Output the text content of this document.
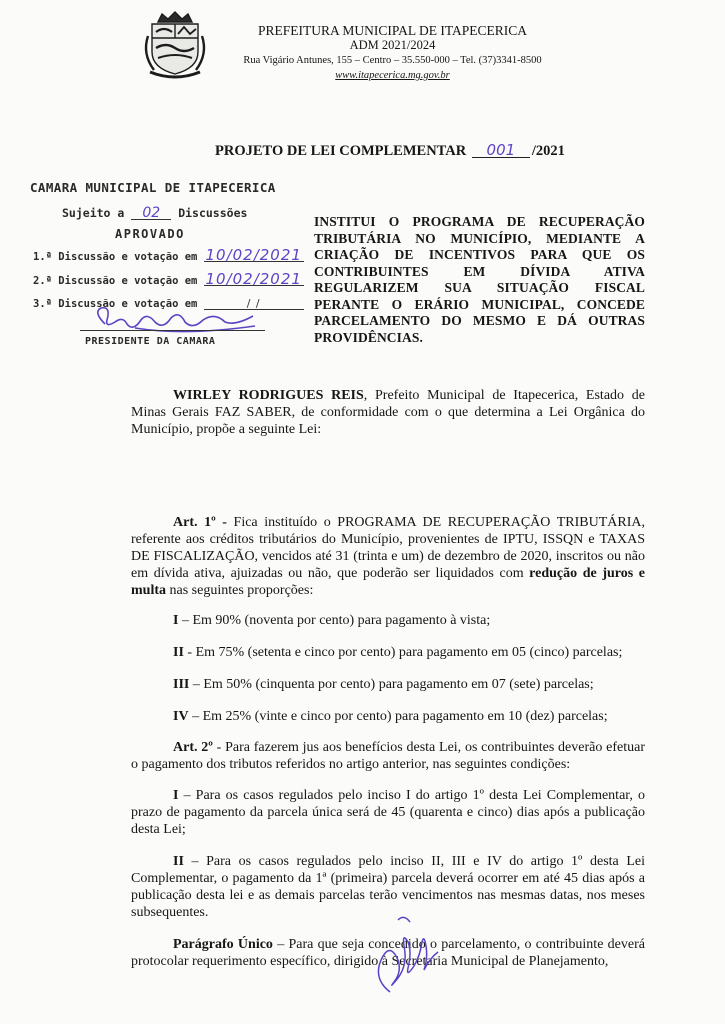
PREFEITURA MUNICIPAL DE ITAPECERICA
ADM 2021/2024
Rua Vigário Antunes, 155 – Centro – 35.550-000 – Tel. (37)3341-8500
www.itapecerica.mg.gov.br
PROJETO DE LEI COMPLEMENTAR 001 /2021
CAMARA MUNICIPAL DE ITAPECERICA
Sujeito a 02 Discussões
APROVADO
1.ª Discussão e votação em 10/02/2021
2.ª Discussão e votação em 10/02/2021
3.ª Discussão e votação em	/ /
PRESIDENTE DA CAMARA
INSTITUI O PROGRAMA DE RECUPERAÇÃO TRIBUTÁRIA NO MUNICÍPIO, MEDIANTE A CRIAÇÃO DE INCENTIVOS PARA QUE OS CONTRIBUINTES EM DÍVIDA ATIVA REGULARIZEM SUA SITUAÇÃO FISCAL PERANTE O ERÁRIO MUNICIPAL, CONCEDE PARCELAMENTO DO MESMO E DÁ OUTRAS PROVIDÊNCIAS.

WIRLEY RODRIGUES REIS, Prefeito Municipal de Itapecerica, Estado de Minas Gerais FAZ SABER, de conformidade com o que determina a Lei Orgânica do Município, propõe a seguinte Lei:

Art. 1º - Fica instituído o PROGRAMA DE RECUPERAÇÃO TRIBUTÁRIA, referente aos créditos tributários do Município, provenientes de IPTU, ISSQN e TAXAS DE FISCALIZAÇÃO, vencidos até 31 (trinta e um) de dezembro de 2020, inscritos ou não em dívida ativa, ajuizadas ou não, que poderão ser liquidados com redução de juros e multa nas seguintes proporções:

I – Em 90% (noventa por cento) para pagamento à vista;

II - Em 75% (setenta e cinco por cento) para pagamento em 05 (cinco) parcelas;

III – Em 50% (cinquenta por cento) para pagamento em 07 (sete) parcelas;

IV – Em 25% (vinte e cinco por cento) para pagamento em 10 (dez) parcelas;

Art. 2º - Para fazerem jus aos benefícios desta Lei, os contribuintes deverão efetuar o pagamento dos tributos referidos no artigo anterior, nas seguintes condições:

I – Para os casos regulados pelo inciso I do artigo 1º desta Lei Complementar, o prazo de pagamento da parcela única será de 45 (quarenta e cinco) dias após a publicação desta Lei;

II – Para os casos regulados pelo inciso II, III e IV do artigo 1º desta Lei Complementar, o pagamento da 1ª (primeira) parcela deverá ocorrer em até 45 dias após a publicação desta lei e as demais parcelas terão vencimentos nas mesmas datas, nos meses subsequentes.

Parágrafo Único – Para que seja concedido o parcelamento, o contribuinte deverá protocolar requerimento específico, dirigido à Secretaria Municipal de Planejamento,
